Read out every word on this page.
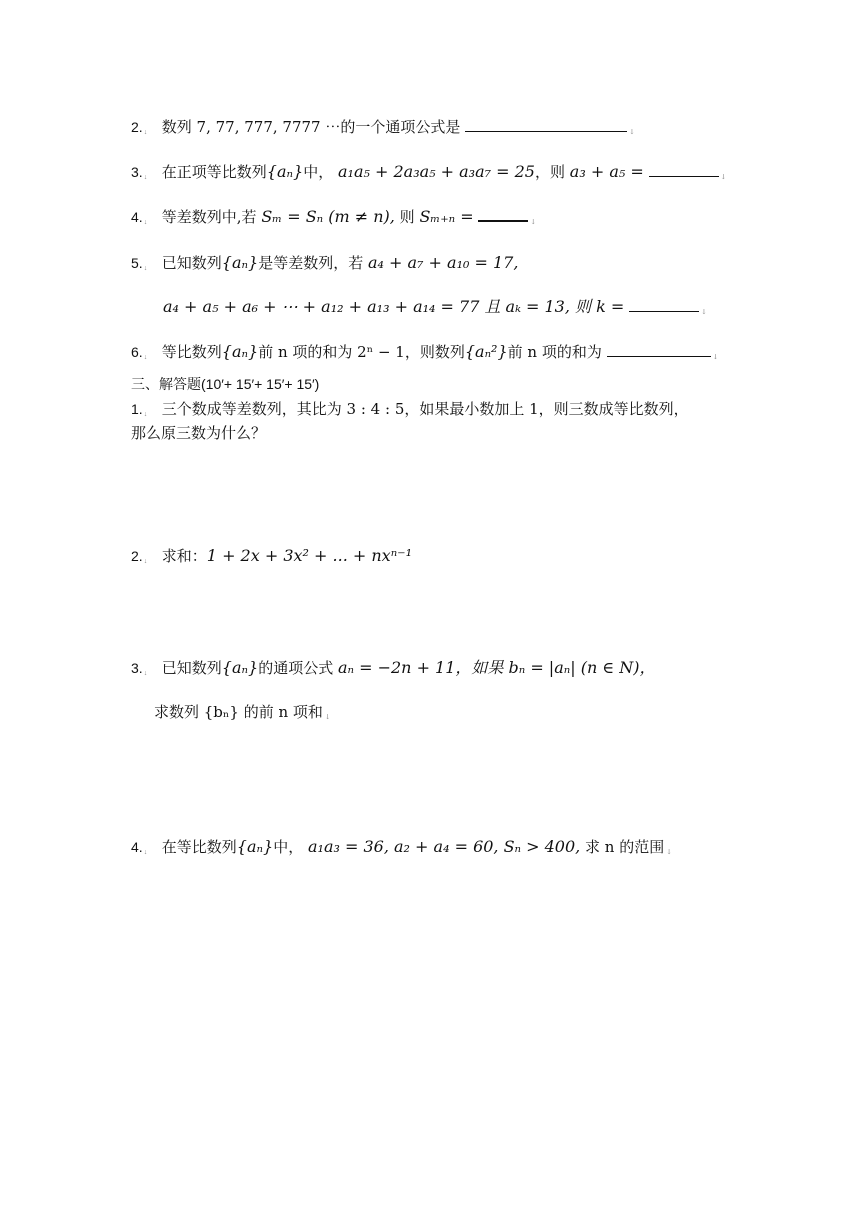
2. ↓ 数列 7, 77, 777, 7777 ⋯的一个通项公式是	↓
3. ↓ 在正项等比数列{aₙ}中， a₁a₅ + 2a₃a₅ + a₃a₇ = 25，则 a₃ + a₅ =	↓
4. ↓ 等差数列中,若 Sₘ = Sₙ (m ≠ n), 则 Sₘ₊ₙ =	↓
5. ↓ 已知数列{aₙ}是等差数列，若 a₄ + a₇ + a₁₀ = 17,
a₄ + a₅ + a₆ + ⋯ + a₁₂ + a₁₃ + a₁₄ = 77 且 aₖ = 13, 则 k =	↓
6. ↓ 等比数列{aₙ}前 n 项的和为 2ⁿ − 1，则数列{aₙ²}前 n 项的和为	↓
三、解答题(10′+ 15′+ 15′+ 15′)
1. ↓ 三个数成等差数列，其比为 3 : 4 : 5，如果最小数加上 1，则三数成等比数列，
那么原三数为什么？
2. ↓ 求和：1 + 2x + 3x² + ... + nxⁿ⁻¹
3. ↓ 已知数列{aₙ}的通项公式 aₙ = −2n + 11，如果 bₙ = |aₙ| (n ∈ N)，
求数列 {bₙ} 的前 n 项和 ↓
4. ↓ 在等比数列{aₙ}中， a₁a₃ = 36, a₂ + a₄ = 60, Sₙ > 400, 求 n 的范围 ↓
